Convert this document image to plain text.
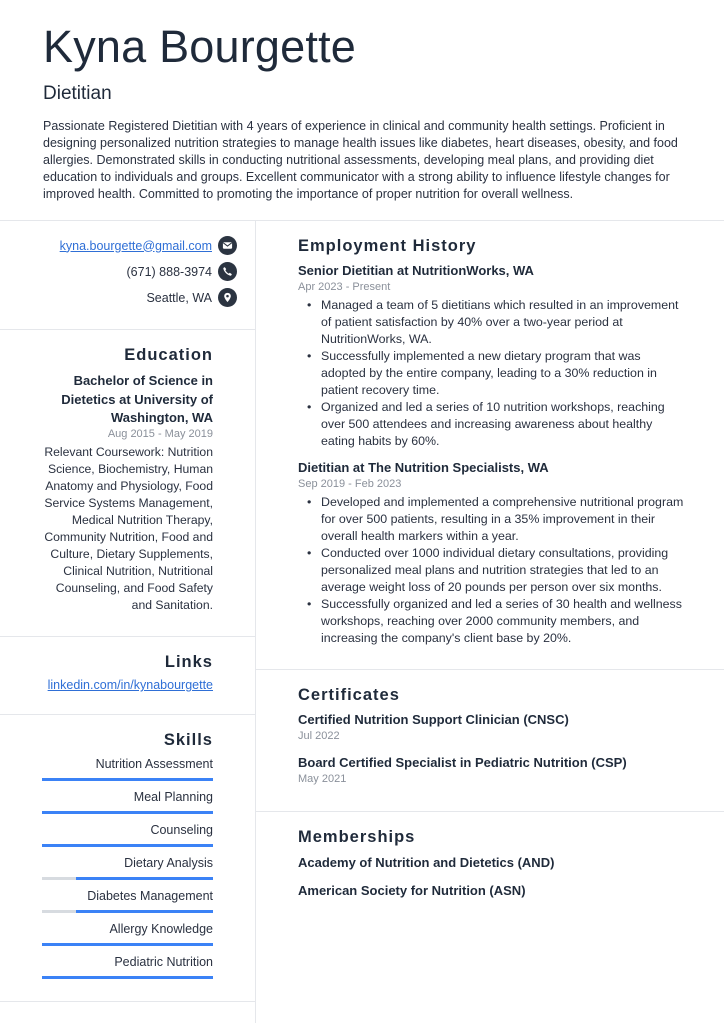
Kyna Bourgette
Dietitian

Passionate Registered Dietitian with 4 years of experience in clinical and community health settings. Proficient in designing personalized nutrition strategies to manage health issues like diabetes, heart diseases, obesity, and food allergies. Demonstrated skills in conducting nutritional assessments, developing meal plans, and providing diet education to individuals and groups. Excellent communicator with a strong ability to influence lifestyle changes for improved health. Committed to promoting the importance of proper nutrition for overall wellness.

kyna.bourgette@gmail.com
(671) 888-3974
Seattle, WA
Education
Bachelor of Science in Dietetics at University of Washington, WA
Aug 2015 - May 2019
Relevant Coursework: Nutrition Science, Biochemistry, Human Anatomy and Physiology, Food Service Systems Management, Medical Nutrition Therapy, Community Nutrition, Food and Culture, Dietary Supplements, Clinical Nutrition, Nutritional Counseling, and Food Safety and Sanitation.
Links
linkedin.com/in/kynabourgette
Skills
Nutrition Assessment
Meal Planning
Counseling
Dietary Analysis
Diabetes Management
Allergy Knowledge
Pediatric Nutrition
Employment History
Senior Dietitian at NutritionWorks, WA
Apr 2023 - Present
• Managed a team of 5 dietitians which resulted in an improvement of patient satisfaction by 40% over a two-year period at NutritionWorks, WA.
• Successfully implemented a new dietary program that was adopted by the entire company, leading to a 30% reduction in patient recovery time.
• Organized and led a series of 10 nutrition workshops, reaching over 500 attendees and increasing awareness about healthy eating habits by 60%.
Dietitian at The Nutrition Specialists, WA
Sep 2019 - Feb 2023
• Developed and implemented a comprehensive nutritional program for over 500 patients, resulting in a 35% improvement in their overall health markers within a year.
• Conducted over 1000 individual dietary consultations, providing personalized meal plans and nutrition strategies that led to an average weight loss of 20 pounds per person over six months.
• Successfully organized and led a series of 30 health and wellness workshops, reaching over 2000 community members, and increasing the company's client base by 20%.
Certificates
Certified Nutrition Support Clinician (CNSC)
Jul 2022
Board Certified Specialist in Pediatric Nutrition (CSP)
May 2021
Memberships
Academy of Nutrition and Dietetics (AND)
American Society for Nutrition (ASN)
